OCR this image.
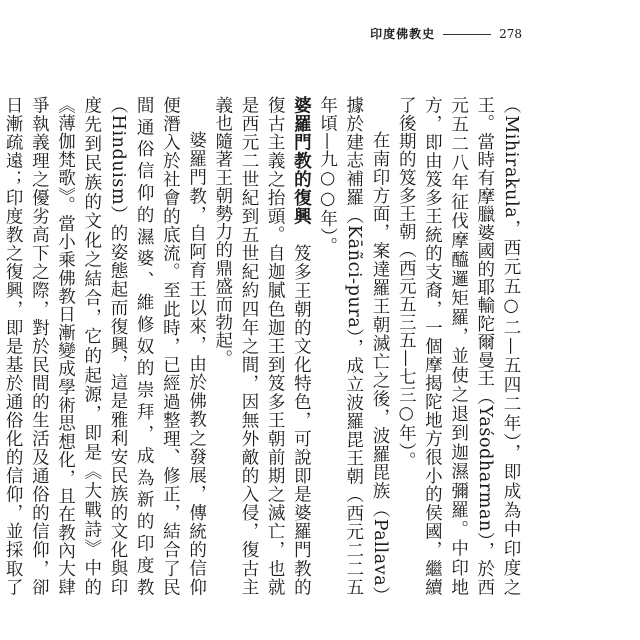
印度佛教史	278

（Mihirakula，西元五○二—五四二年），即成為中印度之王。當時有摩臘婆國的耶輸陀爾曼王（Yaśodharman），於西元五二八年征伐摩醯邏矩羅，並使之退到迦濕彌羅。中印地方，即由笈多王統的支裔，一個摩揭陀地方很小的侯國，繼續了後期的笈多王朝（西元五三五—七三○年）。

在南印方面，案達羅王朝滅亡之後，波羅毘族（Pallava）據於建志補羅（Kāñci-pura），成立波羅毘王朝（西元二二五年頃—九○○年）。

婆羅門教的復興　笈多王朝的文化特色，可說即是婆羅門教的復古主義之抬頭。自迦膩色迦王到笈多王朝前期之滅亡，也就是西元二世紀到五世紀約四年之間，因無外敵的入侵，復古主義也隨著王朝勢力的鼎盛而勃起。

婆羅門教，自阿育王以來，由於佛教之發展，傳統的信仰便潛入於社會的底流。至此時，已經過整理、修正，結合了民間通俗信仰的濕婆、維修奴的崇拜，成為新的印度教（Hinduism）的姿態起而復興，這是雅利安民族的文化與印度先到民族的文化之結合，它的起源，即是《大戰詩》中的《薄伽梵歌》。當小乘佛教日漸變成學術思想化，且在教內大肆爭執義理之優劣高下之際，對於民間的生活及通俗的信仰，卻日漸疏遠；印度教之復興，即是基於通俗化的信仰，並採取了
